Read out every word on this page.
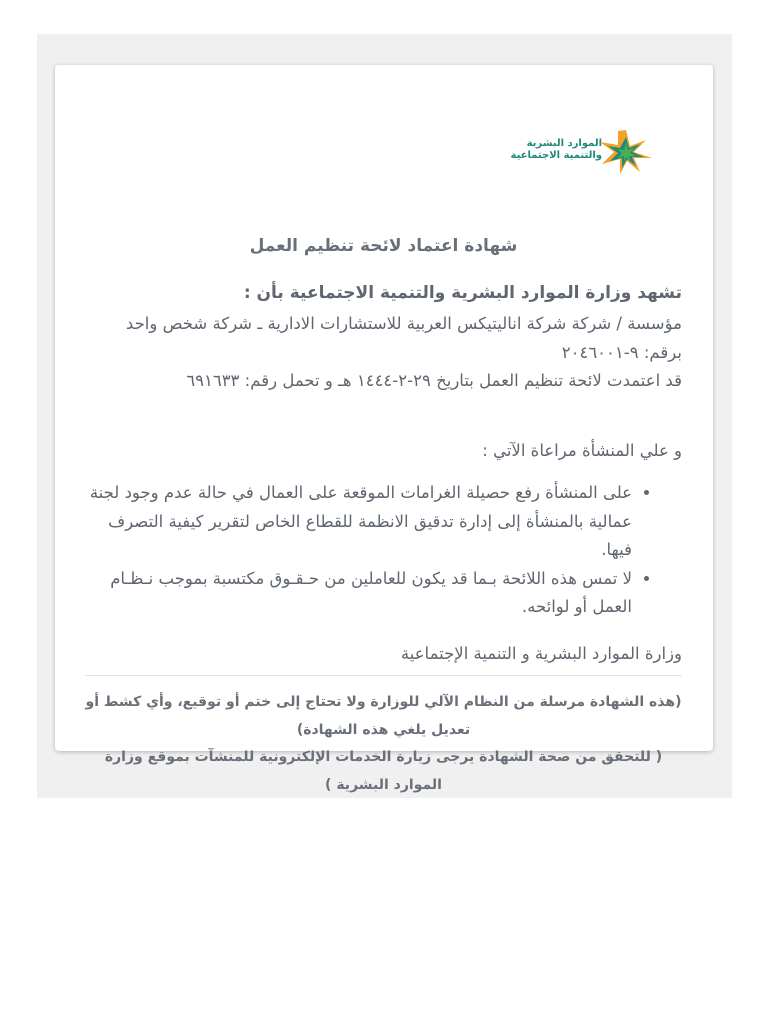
الموارد البشرية
والتنمية الاجتماعية
شهادة اعتماد لائحة تنظيم العمل
تشهد وزارة الموارد البشرية والتنمية الاجتماعية بأن :
مؤسسة / شركة شركة اناليتيكس العربية للاستشارات الادارية ـ شركة شخص واحد برقم: ٩-٢٠٤٦٠٠١
قد اعتمدت لائحة تنظيم العمل بتاريخ ٢٩-٢-١٤٤٤ هـ و تحمل رقم: ٦٩١٦٣٣
و علي المنشأة مراعاة الآتي :
• على المنشأة رفع حصيلة الغرامات الموقعة على العمال في حالة عدم وجود لجنة عمالية بالمنشأة إلى إدارة تدقيق الانظمة للقطاع الخاص لتقرير كيفية التصرف فيها.
• لا تمس هذه اللائحة بـما قد يكون للعاملين من حـقـوق مكتسبة بموجب نـظـام العمل أو لوائحه.
وزارة الموارد البشرية و التنمية الإجتماعية
(هذه الشهادة مرسلة من النظام الآلي للوزارة ولا تحتاج إلى ختم أو توقيع، وأي كشط أو تعديل يلغي هذه الشهادة)
( للتحقق من صحة الشهادة يرجى زيارة الخدمات الإلكترونية للمنشآت بموقع وزارة الموارد البشرية )
